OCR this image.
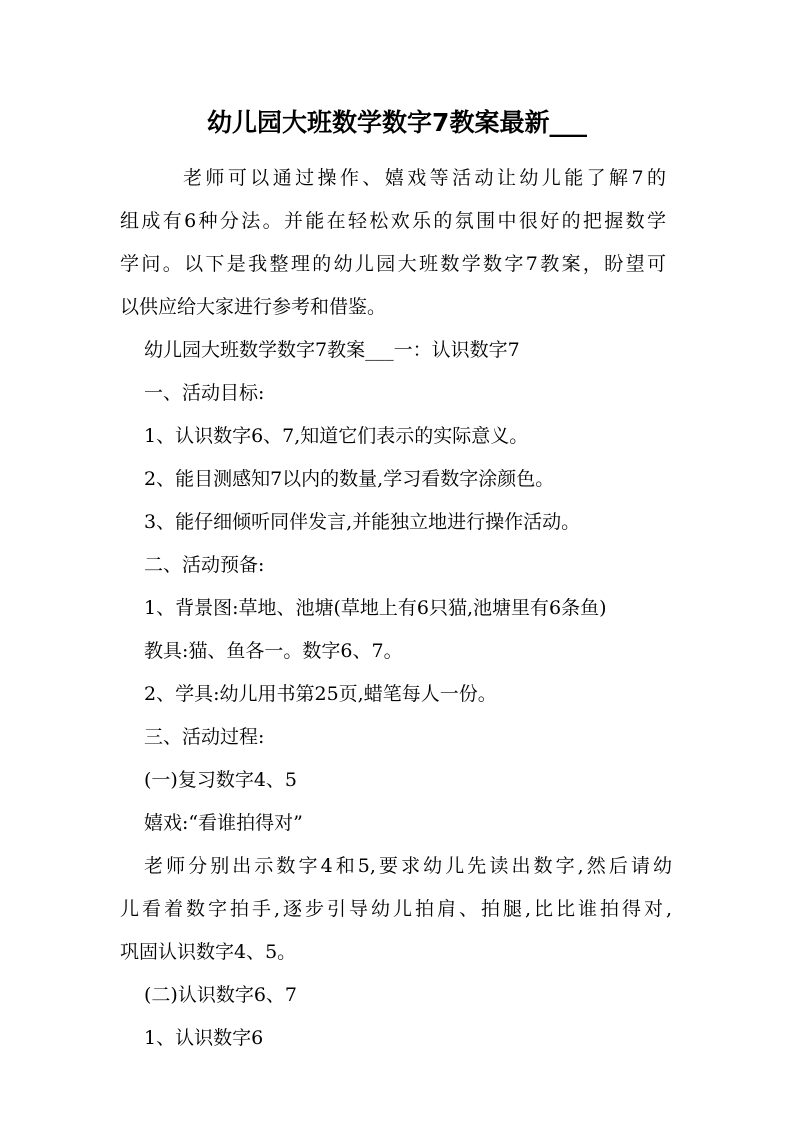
幼儿园大班数学数字7教案最新___

老师可以通过操作、嬉戏等活动让幼儿能了解7的

组成有6种分法。并能在轻松欢乐的氛围中很好的把握数学

学问。以下是我整理的幼儿园大班数学数字7教案，盼望可

以供应给大家进行参考和借鉴。

幼儿园大班数学数字7教案___一：认识数字7

一、活动目标:

1、认识数字6、7,知道它们表示的实际意义。

2、能目测感知7以内的数量,学习看数字涂颜色。

3、能仔细倾听同伴发言,并能独立地进行操作活动。

二、活动预备:

1、背景图:草地、池塘(草地上有6只猫,池塘里有6条鱼)

教具:猫、鱼各一。数字6、7。

2、学具:幼儿用书第25页,蜡笔每人一份。

三、活动过程:

(一)复习数字4、5

嬉戏:“看谁拍得对”

老师分别出示数字4和5,要求幼儿先读出数字,然后请幼

儿看着数字拍手,逐步引导幼儿拍肩、拍腿,比比谁拍得对,

巩固认识数字4、5。

(二)认识数字6、7

1、认识数字6
